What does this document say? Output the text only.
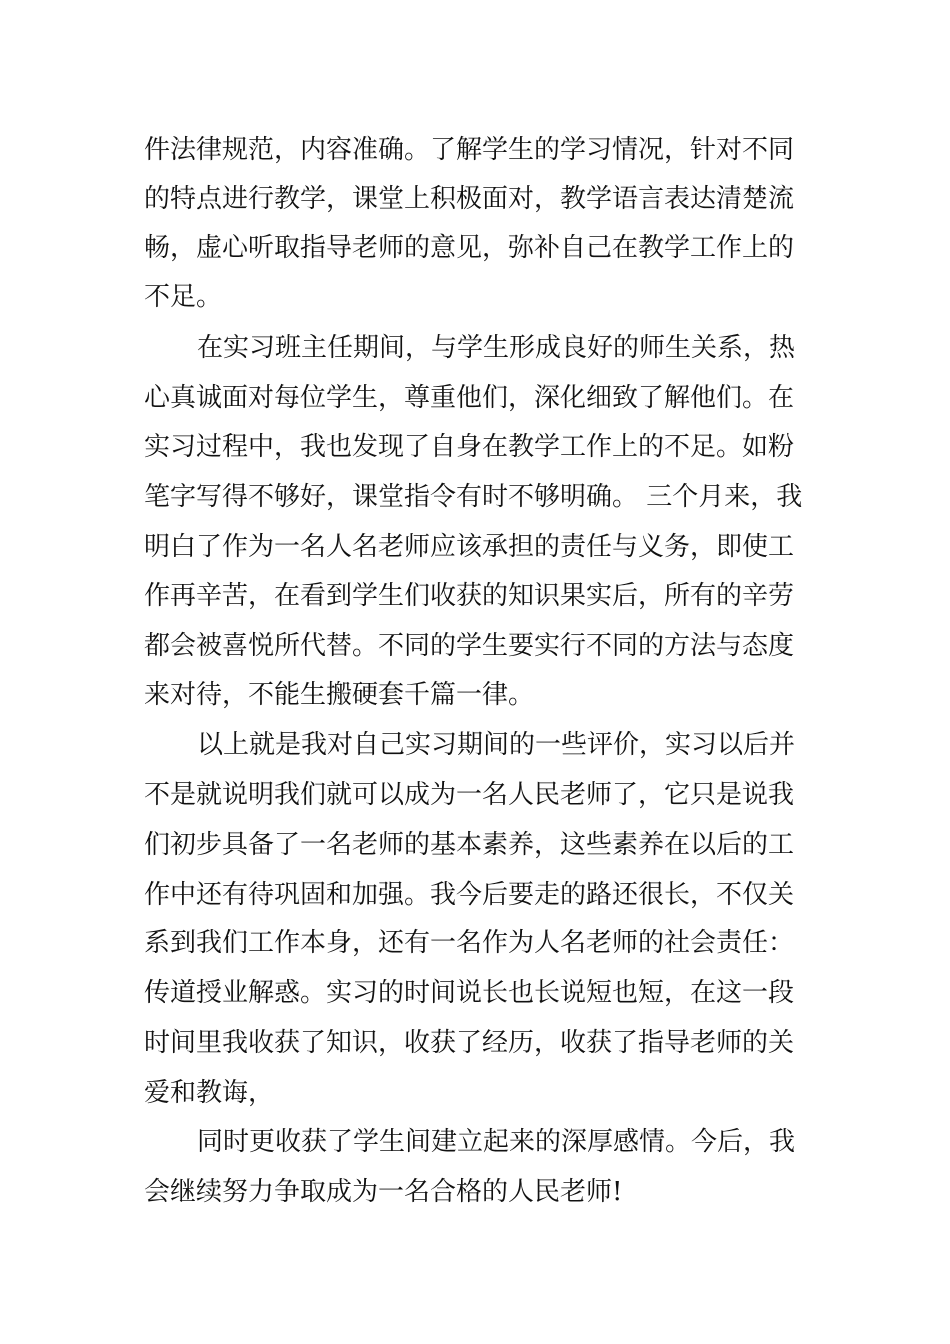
件法律规范，内容准确。了解学生的学习情况，针对不同

的特点进行教学，课堂上积极面对，教学语言表达清楚流

畅，虚心听取指导老师的意见，弥补自己在教学工作上的

不足。

在实习班主任期间，与学生形成良好的师生关系，热

心真诚面对每位学生，尊重他们，深化细致了解他们。在

实习过程中，我也发现了自身在教学工作上的不足。如粉

笔字写得不够好，课堂指令有时不够明确。 三个月来，我

明白了作为一名人名老师应该承担的责任与义务，即使工

作再辛苦，在看到学生们收获的知识果实后，所有的辛劳

都会被喜悦所代替。不同的学生要实行不同的方法与态度

来对待，不能生搬硬套千篇一律。

以上就是我对自己实习期间的一些评价，实习以后并

不是就说明我们就可以成为一名人民老师了，它只是说我

们初步具备了一名老师的基本素养，这些素养在以后的工

作中还有待巩固和加强。我今后要走的路还很长，不仅关

系到我们工作本身，还有一名作为人名老师的社会责任：

传道授业解惑。实习的时间说长也长说短也短，在这一段

时间里我收获了知识，收获了经历，收获了指导老师的关

爱和教诲，

同时更收获了学生间建立起来的深厚感情。今后，我

会继续努力争取成为一名合格的人民老师!
